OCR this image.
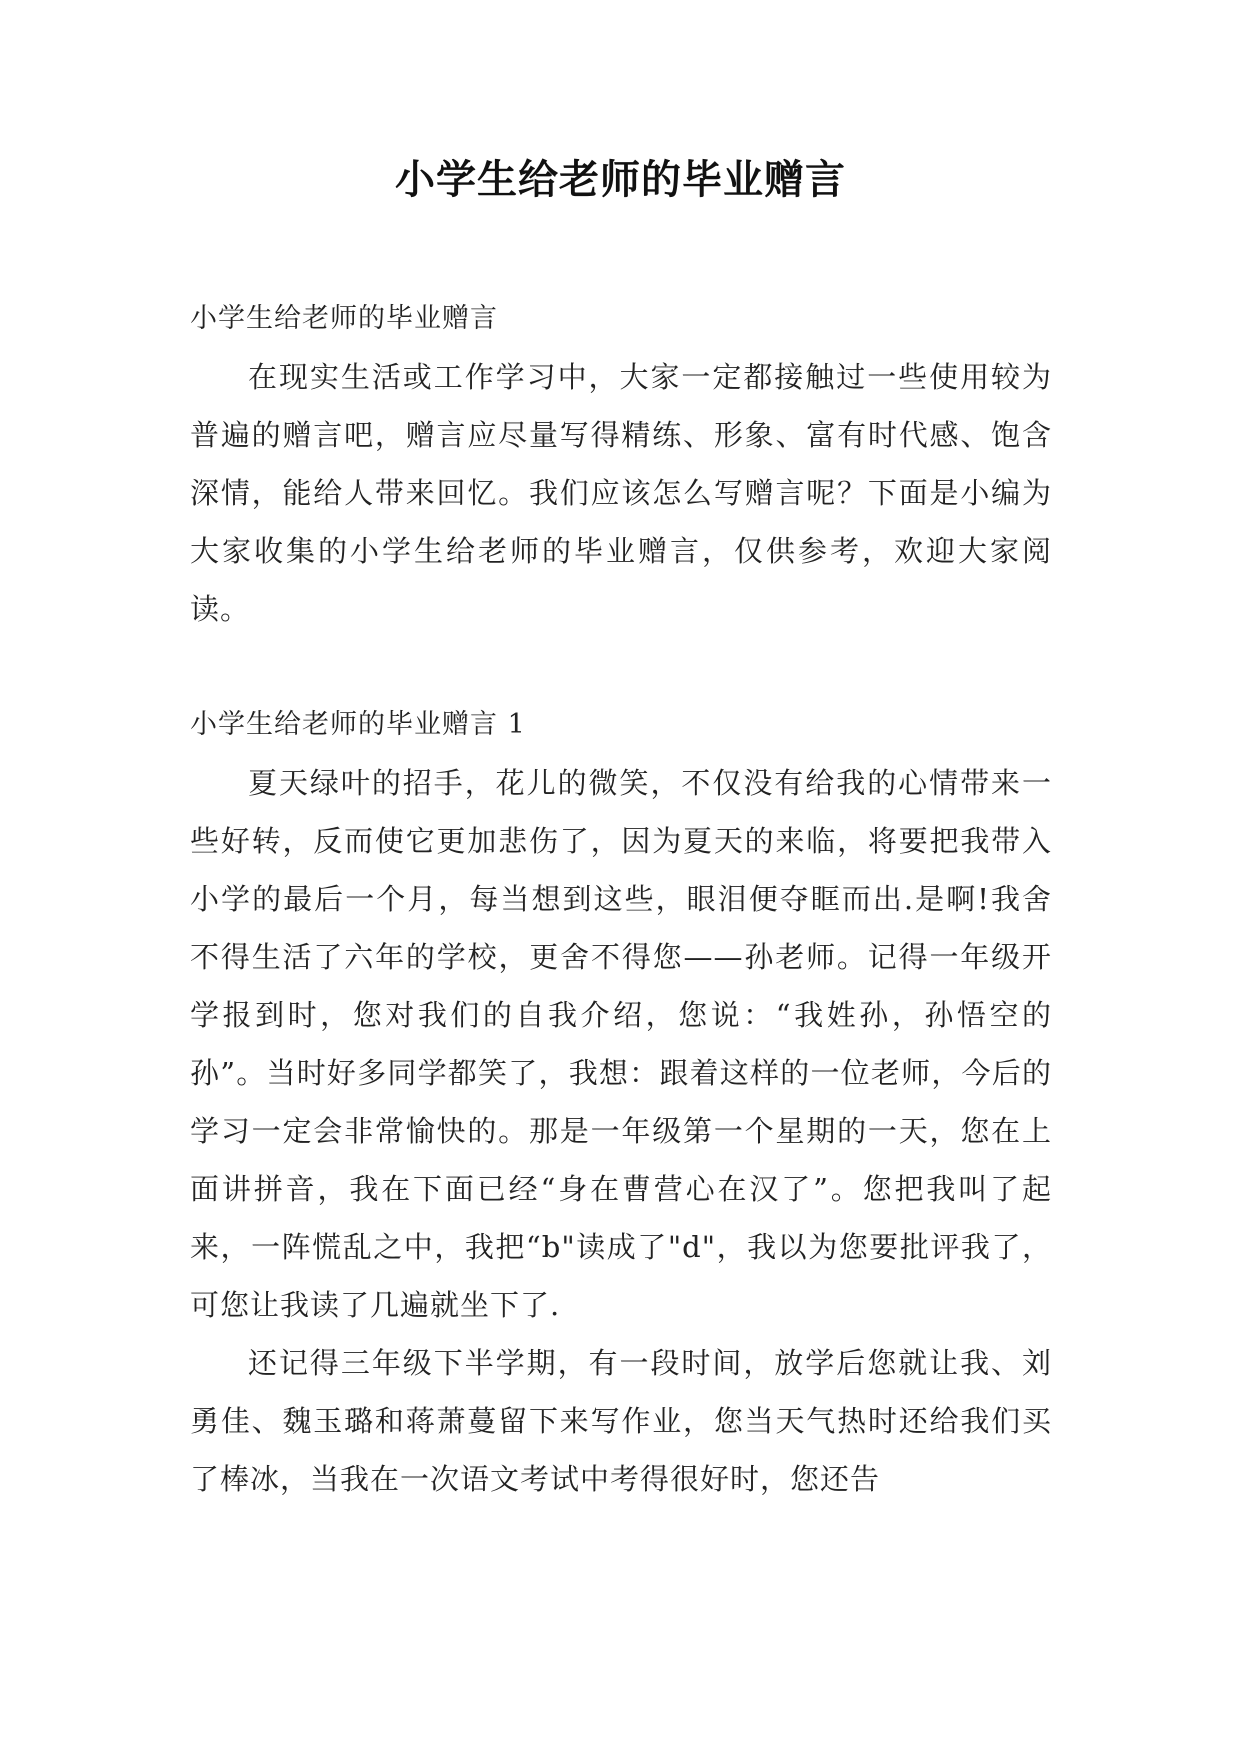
小学生给老师的毕业赠言

小学生给老师的毕业赠言

在现实生活或工作学习中，大家一定都接触过一些使用较为普遍的赠言吧，赠言应尽量写得精练、形象、富有时代感、饱含深情，能给人带来回忆。我们应该怎么写赠言呢？下面是小编为大家收集的小学生给老师的毕业赠言，仅供参考，欢迎大家阅读。

小学生给老师的毕业赠言 1

夏天绿叶的招手，花儿的微笑，不仅没有给我的心情带来一些好转，反而使它更加悲伤了，因为夏天的来临，将要把我带入小学的最后一个月，每当想到这些，眼泪便夺眶而出.是啊!我舍不得生活了六年的学校，更舍不得您——孙老师。记得一年级开学报到时，您对我们的自我介绍，您说：“我姓孙，孙悟空的孙”。当时好多同学都笑了，我想：跟着这样的一位老师，今后的学习一定会非常愉快的。那是一年级第一个星期的一天，您在上面讲拼音，我在下面已经“身在曹营心在汉了”。您把我叫了起来，一阵慌乱之中，我把“b"读成了"d"，我以为您要批评我了，可您让我读了几遍就坐下了.

还记得三年级下半学期，有一段时间，放学后您就让我、刘勇佳、魏玉璐和蒋萧蔓留下来写作业，您当天气热时还给我们买了棒冰，当我在一次语文考试中考得很好时，您还告
